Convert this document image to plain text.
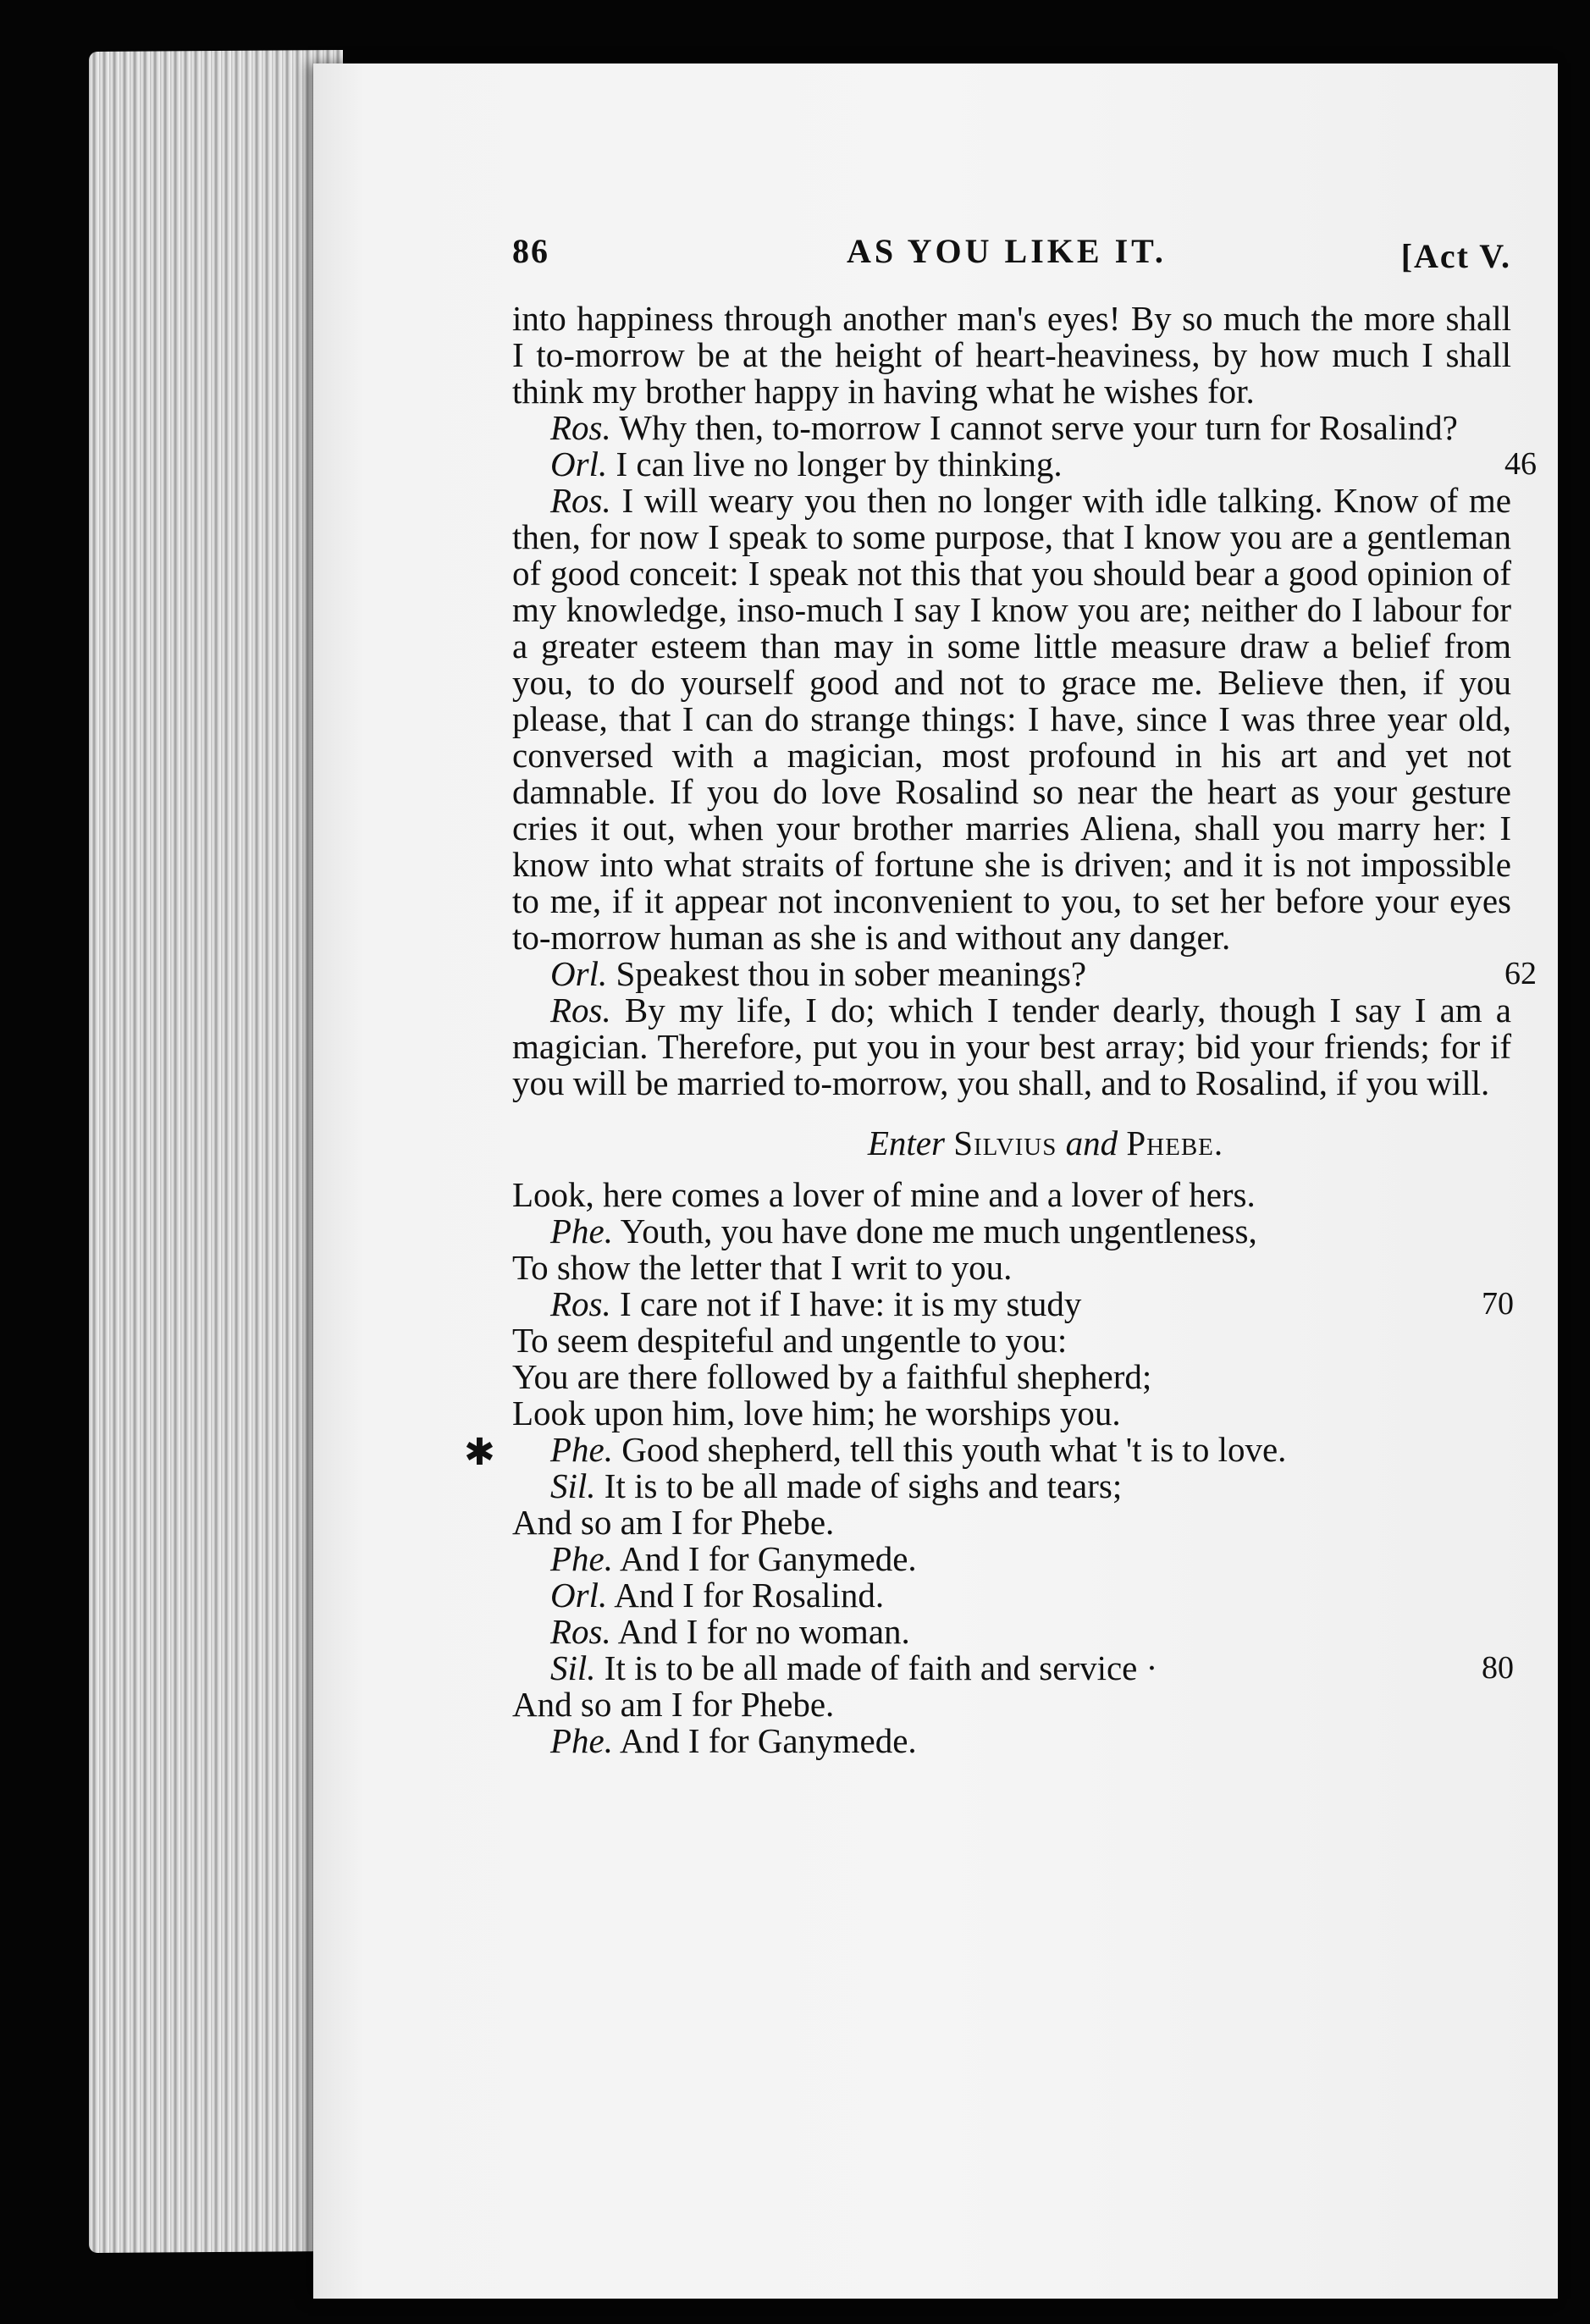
86	AS YOU LIKE IT.	[Act V.

into happiness through another man's eyes! By so much the more shall I to-morrow be at the height of heart-heaviness, by how much I shall think my brother happy in having what he wishes for.

Ros. Why then, to-morrow I cannot serve your turn for Rosalind?

Orl. I can live no longer by thinking.	46

Ros. I will weary you then no longer with idle talking. Know of me then, for now I speak to some purpose, that I know you are a gentleman of good conceit: I speak not this that you should bear a good opinion of my knowledge, inso-much I say I know you are; neither do I labour for a greater esteem than may in some little measure draw a belief from you, to do yourself good and not to grace me. Believe then, if you please, that I can do strange things: I have, since I was three year old, conversed with a magician, most profound in his art and yet not damnable. If you do love Rosalind so near the heart as your gesture cries it out, when your brother marries Aliena, shall you marry her: I know into what straits of fortune she is driven; and it is not impossible to me, if it appear not inconvenient to you, to set her before your eyes to-morrow human as she is and without any danger.

Orl. Speakest thou in sober meanings?	62

Ros. By my life, I do; which I tender dearly, though I say I am a magician. Therefore, put you in your best array; bid your friends; for if you will be married to-morrow, you shall, and to Rosalind, if you will.

Enter Silvius and Phebe.
Look, here comes a lover of mine and a lover of hers.
Phe. Youth, you have done me much ungentleness,
To show the letter that I writ to you.
Ros. I care not if I have: it is my study	70
To seem despiteful and ungentle to you:
You are there followed by a faithful shepherd;
Look upon him, love him; he worships you.
Phe. Good shepherd, tell this youth what 't is to love.
Sil. It is to be all made of sighs and tears;
And so am I for Phebe.
Phe. And I for Ganymede.
Orl. And I for Rosalind.
Ros. And I for no woman.
Sil. It is to be all made of faith and service ·	80
And so am I for Phebe.
Phe. And I for Ganymede.
✱
